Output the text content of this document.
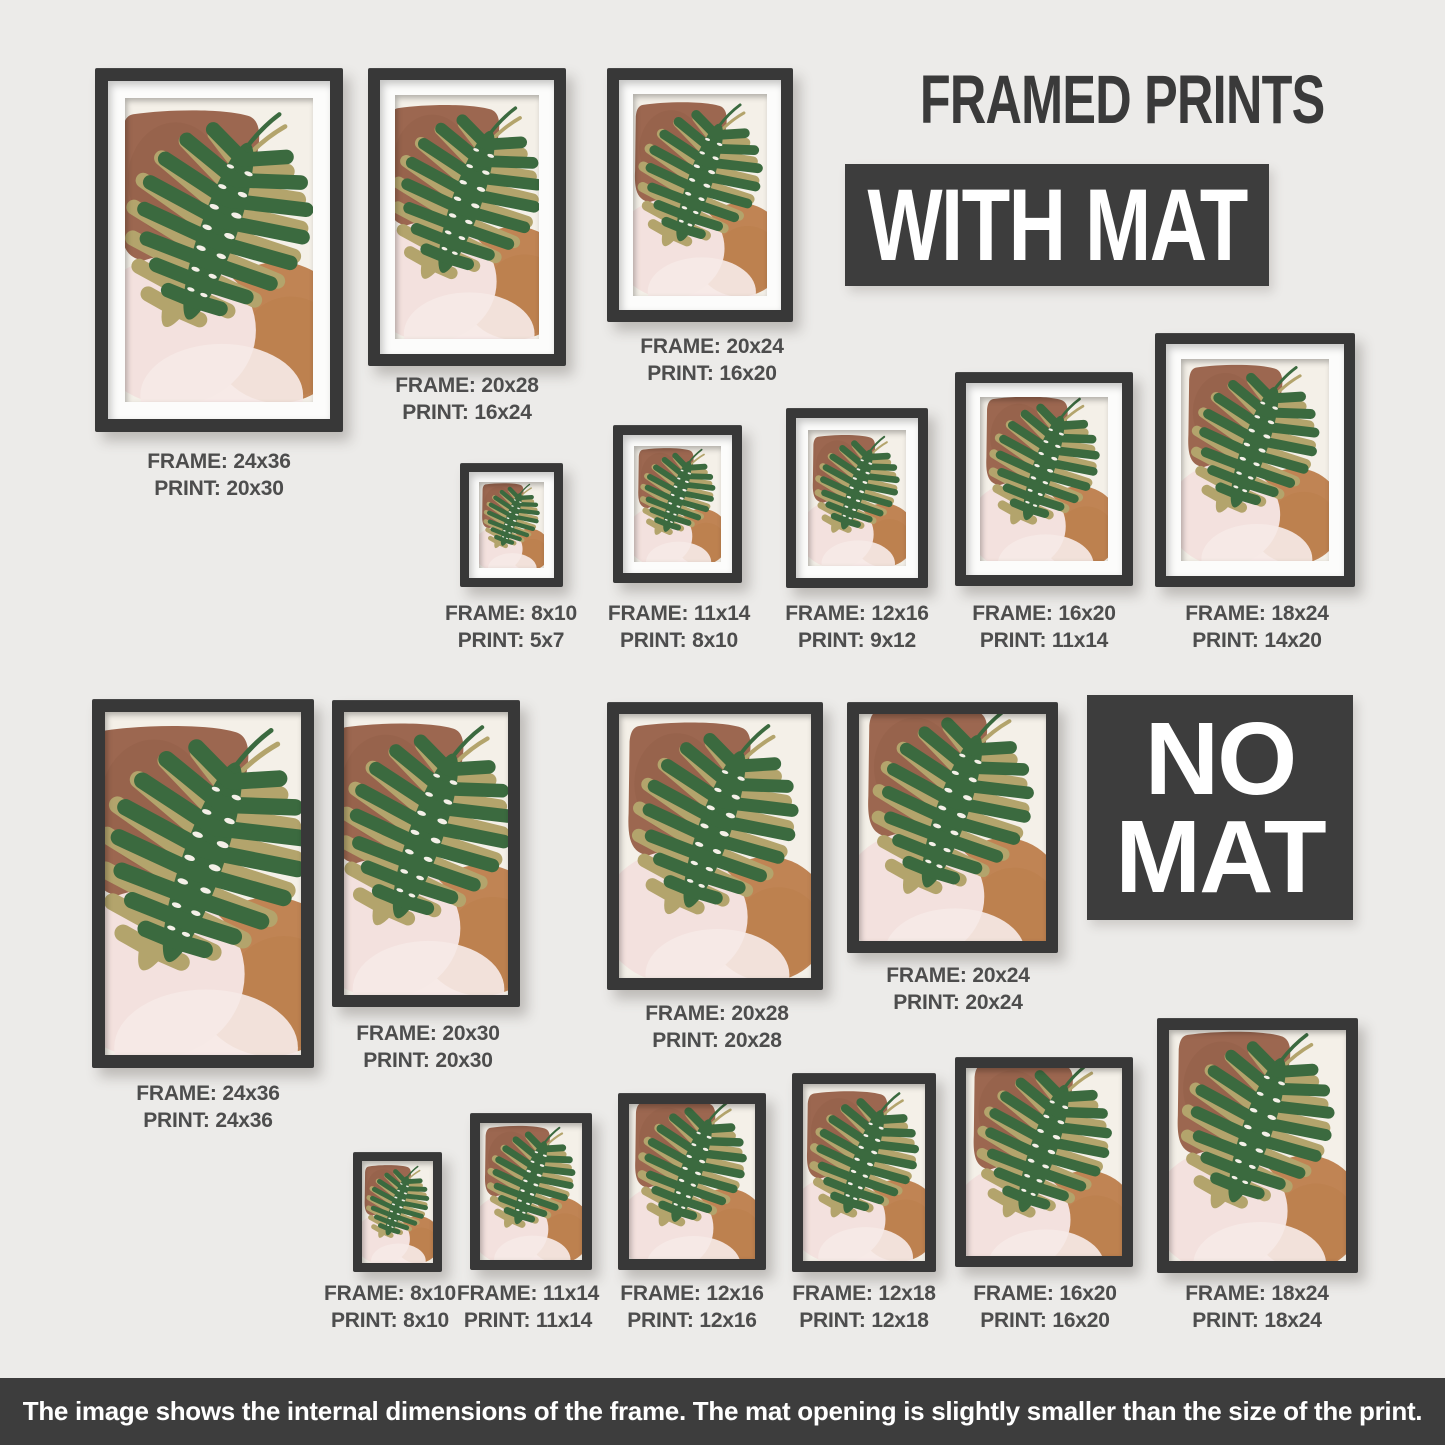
FRAMED PRINTS
WITH MAT
NO
MAT
FRAME: 24x36
PRINT: 20x30
FRAME: 20x28
PRINT: 16x24
FRAME: 20x24
PRINT: 16x20
FRAME: 8x10
PRINT: 5x7
FRAME: 11x14
PRINT: 8x10
FRAME: 12x16
PRINT: 9x12
FRAME: 16x20
PRINT: 11x14
FRAME: 18x24
PRINT: 14x20
FRAME: 24x36
PRINT: 24x36
FRAME: 20x30
PRINT: 20x30
FRAME: 20x28
PRINT: 20x28
FRAME: 20x24
PRINT: 20x24
FRAME: 8x10
PRINT: 8x10
FRAME: 11x14
PRINT: 11x14
FRAME: 12x16
PRINT: 12x16
FRAME: 12x18
PRINT: 12x18
FRAME: 16x20
PRINT: 16x20
FRAME: 18x24
PRINT: 18x24
The image shows the internal dimensions of the frame. The mat opening is slightly smaller than the size of the print.
